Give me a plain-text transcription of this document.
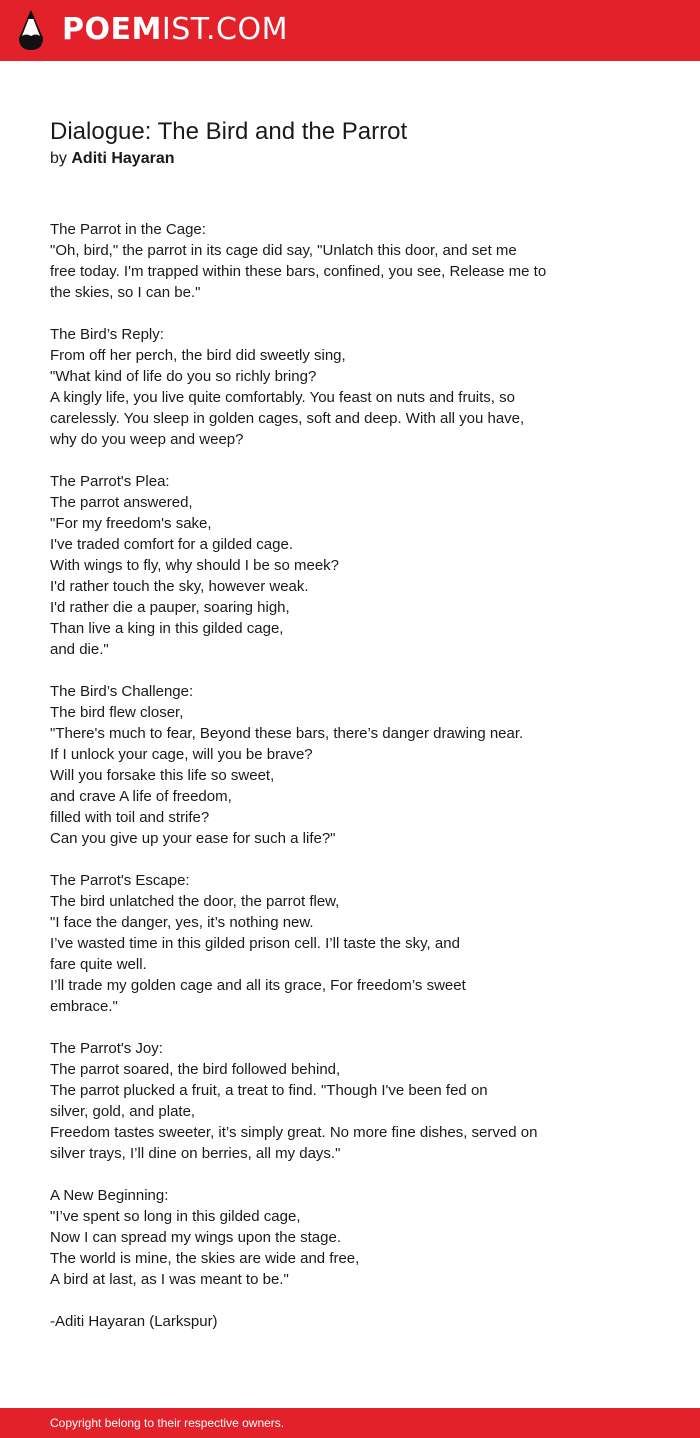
POEMIST.COM
Dialogue: The Bird and the Parrot
by Aditi Hayaran

The Parrot in the Cage:
"Oh, bird," the parrot in its cage did say, "Unlatch this door, and set me
free today. I'm trapped within these bars, confined, you see, Release me to
the skies, so I can be."

The Bird’s Reply:
From off her perch, the bird did sweetly sing,
"What kind of life do you so richly bring?
A kingly life, you live quite comfortably. You feast on nuts and fruits, so
carelessly. You sleep in golden cages, soft and deep. With all you have,
why do you weep and weep?

The Parrot's Plea:
The parrot answered,
"For my freedom's sake,
I've traded comfort for a gilded cage.
With wings to fly, why should I be so meek?
I'd rather touch the sky, however weak.
I'd rather die a pauper, soaring high,
Than live a king in this gilded cage,
and die."

The Bird’s Challenge:
The bird flew closer,
"There's much to fear, Beyond these bars, there’s danger drawing near.
If I unlock your cage, will you be brave?
Will you forsake this life so sweet,
and crave A life of freedom,
filled with toil and strife?
Can you give up your ease for such a life?"

The Parrot's Escape:
The bird unlatched the door, the parrot flew,
"I face the danger, yes, it’s nothing new.
I’ve wasted time in this gilded prison cell. I’ll taste the sky, and
fare quite well.
I’ll trade my golden cage and all its grace, For freedom’s sweet
embrace."

The Parrot's Joy:
The parrot soared, the bird followed behind,
The parrot plucked a fruit, a treat to find. "Though I've been fed on
silver, gold, and plate,
Freedom tastes sweeter, it’s simply great. No more fine dishes, served on
silver trays, I’ll dine on berries, all my days."

A New Beginning:
"I’ve spent so long in this gilded cage,
Now I can spread my wings upon the stage.
The world is mine, the skies are wide and free,
A bird at last, as I was meant to be."

-Aditi Hayaran (Larkspur)

Copyright belong to their respective owners.
